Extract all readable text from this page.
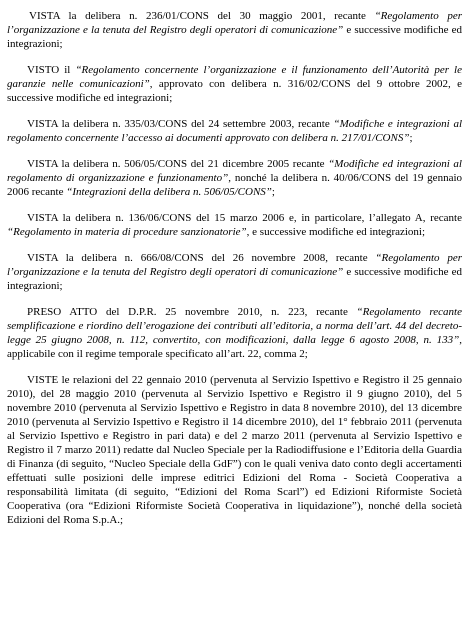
VISTA la delibera n. 236/01/CONS del 30 maggio 2001, recante “Regolamento per l’organizzazione e la tenuta del Registro degli operatori di comunicazione” e successive modifiche ed integrazioni;

VISTO il “Regolamento concernente l’organizzazione e il funzionamento dell’Autorità per le garanzie nelle comunicazioni”, approvato con delibera n. 316/02/CONS del 9 ottobre 2002, e successive modifiche ed integrazioni;

VISTA la delibera n. 335/03/CONS del 24 settembre 2003, recante “Modifiche e integrazioni al regolamento concernente l’accesso ai documenti approvato con delibera n. 217/01/CONS”;

VISTA la delibera n. 506/05/CONS del 21 dicembre 2005 recante “Modifiche ed integrazioni al regolamento di organizzazione e funzionamento”, nonché la delibera n. 40/06/CONS del 19 gennaio 2006 recante “Integrazioni della delibera n. 506/05/CONS”;

VISTA la delibera n. 136/06/CONS del 15 marzo 2006 e, in particolare, l’allegato A, recante “Regolamento in materia di procedure sanzionatorie”, e successive modifiche ed integrazioni;

VISTA la delibera n. 666/08/CONS del 26 novembre 2008, recante “Regolamento per l’organizzazione e la tenuta del Registro degli operatori di comunicazione” e successive modifiche ed integrazioni;

PRESO ATTO del D.P.R. 25 novembre 2010, n. 223, recante “Regolamento recante semplificazione e riordino dell’erogazione dei contributi all’editoria, a norma dell’art. 44 del decreto-legge 25 giugno 2008, n. 112, convertito, con modificazioni, dalla legge 6 agosto 2008, n. 133”, applicabile con il regime temporale specificato all’art. 22, comma 2;

VISTE le relazioni del 22 gennaio 2010 (pervenuta al Servizio Ispettivo e Registro il 25 gennaio 2010), del 28 maggio 2010 (pervenuta al Servizio Ispettivo e Registro il 9 giugno 2010), del 5 novembre 2010 (pervenuta al Servizio Ispettivo e Registro in data 8 novembre 2010), del 13 dicembre 2010 (pervenuta al Servizio Ispettivo e Registro il 14 dicembre 2010), del 1° febbraio 2011 (pervenuta al Servizio Ispettivo e Registro in pari data) e del 2 marzo 2011 (pervenuta al Servizio Ispettivo e Registro il 7 marzo 2011) redatte dal Nucleo Speciale per la Radiodiffusione e l’Editoria della Guardia di Finanza (di seguito, “Nucleo Speciale della GdF”) con le quali veniva dato conto degli accertamenti effettuati sulle posizioni delle imprese editrici Edizioni del Roma - Società Cooperativa a responsabilità limitata (di seguito, “Edizioni del Roma Scarl”) ed Edizioni Riformiste Società Cooperativa (ora “Edizioni Riformiste Società Cooperativa in liquidazione”), nonché della società Edizioni del Roma S.p.A.;
